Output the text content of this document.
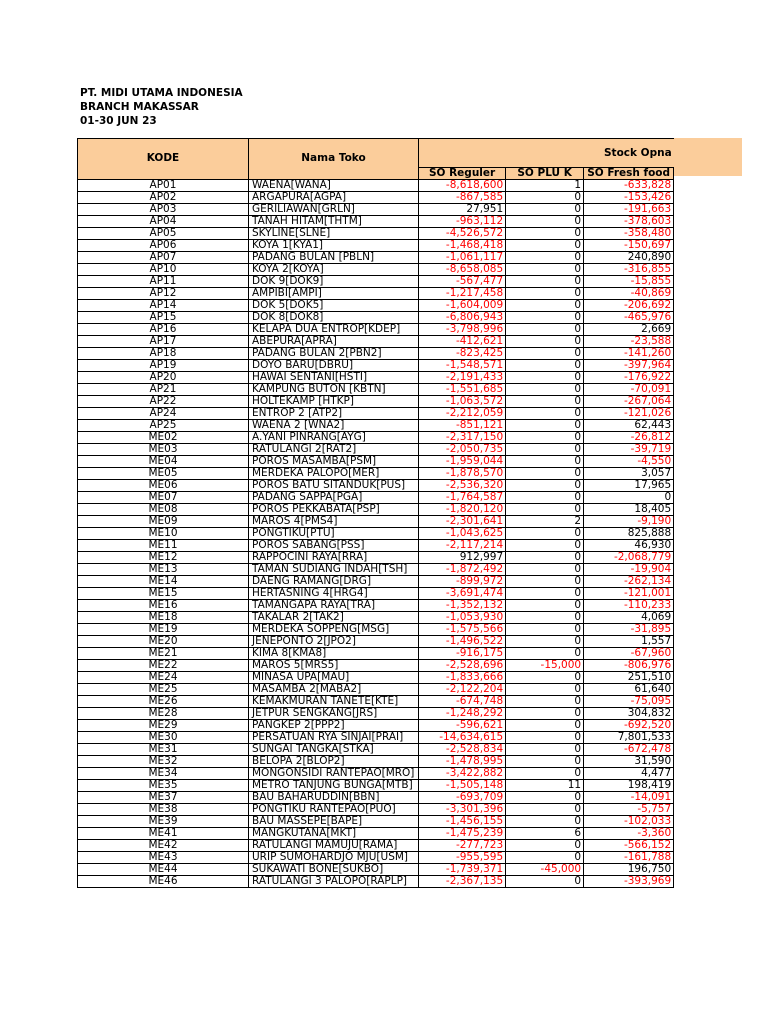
PT. MIDI UTAMA INDONESIA
BRANCH MAKASSAR
01-30 JUN 23
KODE	Nama Toko	Stock Opna		
		SO Reguler	SO PLU K	SO Fresh food
AP01	WAENA[WANA]	-8,618,600	1	-633,828
AP02	ARGAPURA[AGPA]	-867,585	0	-153,426
AP03	GERILIAWAN[GRLN]	27,951	0	-191,663
AP04	TANAH HITAM[THTM]	-963,112	0	-378,603
AP05	SKYLINE[SLNE]	-4,526,572	0	-358,480
AP06	KOYA 1[KYA1]	-1,468,418	0	-150,697
AP07	PADANG BULAN [PBLN]	-1,061,117	0	240,890
AP10	KOYA 2[KOYA]	-8,658,085	0	-316,855
AP11	DOK 9[DOK9]	-567,477	0	-15,855
AP12	AMPIBI[AMPI]	-1,217,458	0	-40,869
AP14	DOK 5[DOK5]	-1,604,009	0	-206,692
AP15	DOK 8[DOK8]	-6,806,943	0	-465,976
AP16	KELAPA DUA ENTROP[KDEP]	-3,798,996	0	2,669
AP17	ABEPURA[APRA]	-412,621	0	-23,588
AP18	PADANG BULAN 2[PBN2]	-823,425	0	-141,260
AP19	DOYO BARU[DBRU]	-1,548,571	0	-397,964
AP20	HAWAI SENTANI[HSTI]	-2,191,433	0	-176,922
AP21	KAMPUNG BUTON [KBTN]	-1,551,685	0	-70,091
AP22	HOLTEKAMP [HTKP]	-1,063,572	0	-267,064
AP24	ENTROP 2 [ATP2]	-2,212,059	0	-121,026
AP25	WAENA 2 [WNA2]	-851,121	0	62,443
ME02	A.YANI PINRANG[AYG]	-2,317,150	0	-26,812
ME03	RATULANGI 2[RAT2]	-2,050,735	0	-39,719
ME04	POROS MASAMBA[PSM]	-1,959,044	0	-4,550
ME05	MERDEKA PALOPO[MER]	-1,878,570	0	3,057
ME06	POROS BATU SITANDUK[PUS]	-2,536,320	0	17,965
ME07	PADANG SAPPA[PGA]	-1,764,587	0	0
ME08	POROS PEKKABATA[PSP]	-1,820,120	0	18,405
ME09	MAROS 4[PMS4]	-2,301,641	2	-9,190
ME10	PONGTIKU[PTU]	-1,043,625	0	825,888
ME11	POROS SABANG[PSS]	-2,117,214	0	46,930
ME12	RAPPOCINI RAYA[RRA]	912,997	0	-2,068,779
ME13	TAMAN SUDIANG INDAH[TSH]	-1,872,492	0	-19,904
ME14	DAENG RAMANG[DRG]	-899,972	0	-262,134
ME15	HERTASNING 4[HRG4]	-3,691,474	0	-121,001
ME16	TAMANGAPA RAYA[TRA]	-1,352,132	0	-110,233
ME18	TAKALAR 2[TAK2]	-1,053,930	0	4,069
ME19	MERDEKA SOPPENG[MSG]	-1,575,566	0	-31,895
ME20	JENEPONTO 2[JPO2]	-1,496,522	0	1,557
ME21	KIMA 8[KMA8]	-916,175	0	-67,960
ME22	MAROS 5[MRS5]	-2,528,696	-15,000	-806,976
ME24	MINASA UPA[MAU]	-1,833,666	0	251,510
ME25	MASAMBA 2[MABA2]	-2,122,204	0	61,640
ME26	KEMAKMURAN TANETE[KTE]	-674,748	0	-75,095
ME28	JETPUR SENGKANG[JRS]	-1,248,292	0	304,832
ME29	PANGKEP 2[PPP2]	-596,621	0	-692,520
ME30	PERSATUAN RYA SINJAI[PRAI]	-14,634,615	0	7,801,533
ME31	SUNGAI TANGKA[STKA]	-2,528,834	0	-672,478
ME32	BELOPA 2[BLOP2]	-1,478,995	0	31,590
ME34	MONGONSIDI RANTEPAO[MRO]	-3,422,882	0	4,477
ME35	METRO TANJUNG BUNGA[MTB]	-1,505,148	11	198,419
ME37	BAU BAHARUDDIN[BBN]	-693,709	0	-14,091
ME38	PONGTIKU RANTEPAO[PUO]	-3,301,396	0	-5,757
ME39	BAU MASSEPE[BAPE]	-1,456,155	0	-102,033
ME41	MANGKUTANA[MKT]	-1,475,239	6	-3,360
ME42	RATULANGI MAMUJU[RAMA]	-277,723	0	-566,152
ME43	URIP SUMOHARDJO MJU[USM]	-955,595	0	-161,788
ME44	SUKAWATI BONE[SUKBO]	-1,739,371	-45,000	196,750
ME46	RATULANGI 3 PALOPO[RAPLP]	-2,367,135	0	-393,969
